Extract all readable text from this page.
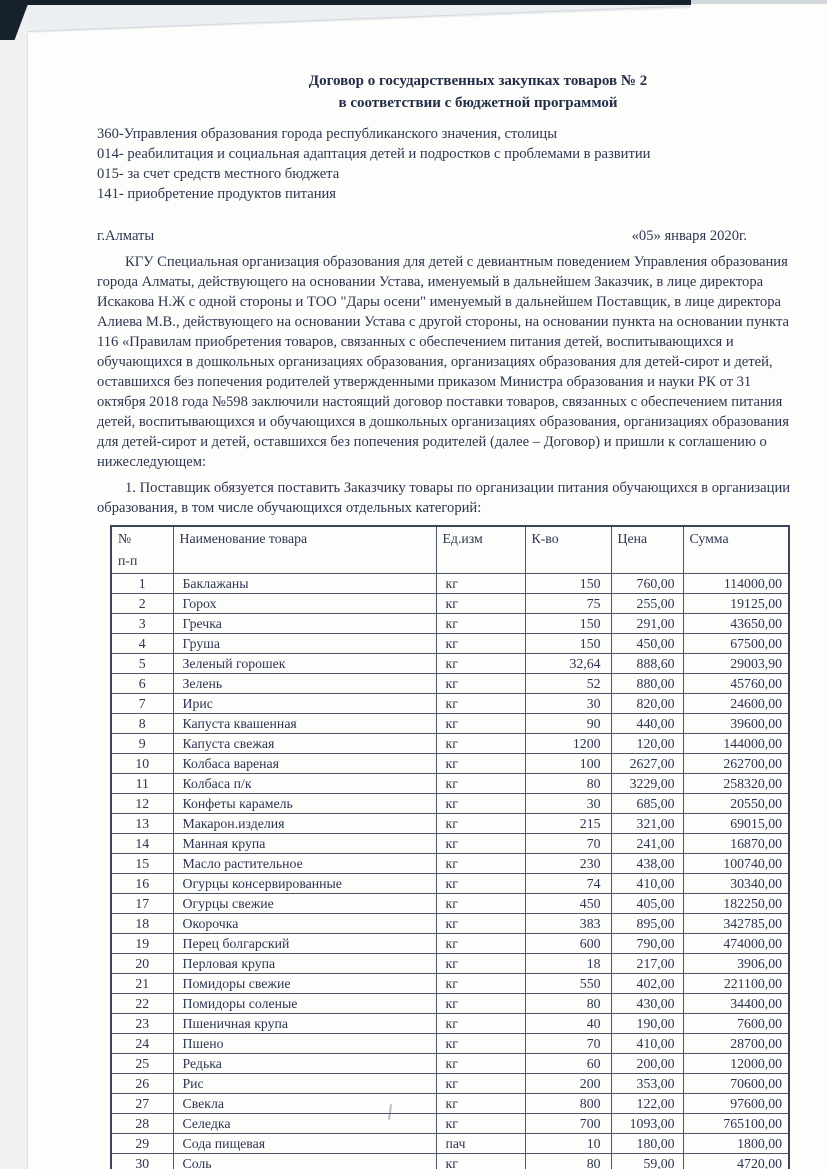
Договор о государственных закупках товаров № 2
в соответствии с бюджетной программой
360-Управления образования города республиканского значения, столицы
014- реабилитация и социальная адаптация детей и подростков с проблемами в развитии
015- за счет средств местного бюджета
141- приобретение продуктов питания
г.Алматы	«05» января 2020г.

КГУ Специальная организация образования для детей с девиантным поведением Управления образования города Алматы, действующего на основании Устава, именуемый в дальнейшем Заказчик, в лице директора Искакова Н.Ж с одной стороны и ТОО "Дары осени" именуемый в дальнейшем Поставщик, в лице директора Алиева М.В., действующего на основании Устава с другой стороны, на основании пункта на основании пункта 116 «Правилам приобретения товаров, связанных с обеспечением питания детей, воспитывающихся и обучающихся в дошкольных организациях образования, организациях образования для детей-сирот и детей, оставшихся без попечения родителей утвержденными приказом Министра образования и науки РК от 31 октября 2018 года №598 заключили настоящий договор поставки товаров, связанных с обеспечением питания детей, воспитывающихся и обучающихся в дошкольных организациях образования, организациях образования для детей-сирот и детей, оставшихся без попечения родителей (далее – Договор) и пришли к соглашению о нижеследующем:

1. Поставщик обязуется поставить Заказчику товары по организации питания обучающихся в организации образования, в том числе обучающихся отдельных категорий:

№
п-п	Наименование товара	Ед.изм	К-во	Цена	Сумма
1	Баклажаны	кг	150	760,00	114000,00
2	Горох	кг	75	255,00	19125,00
3	Гречка	кг	150	291,00	43650,00
4	Груша	кг	150	450,00	67500,00
5	Зеленый горошек	кг	32,64	888,60	29003,90
6	Зелень	кг	52	880,00	45760,00
7	Ирис	кг	30	820,00	24600,00
8	Капуста квашенная	кг	90	440,00	39600,00
9	Капуста свежая	кг	1200	120,00	144000,00
10	Колбаса вареная	кг	100	2627,00	262700,00
11	Колбаса п/к	кг	80	3229,00	258320,00
12	Конфеты карамель	кг	30	685,00	20550,00
13	Макарон.изделия	кг	215	321,00	69015,00
14	Манная крупа	кг	70	241,00	16870,00
15	Масло растительное	кг	230	438,00	100740,00
16	Огурцы консервированные	кг	74	410,00	30340,00
17	Огурцы свежие	кг	450	405,00	182250,00
18	Окорочка	кг	383	895,00	342785,00
19	Перец болгарский	кг	600	790,00	474000,00
20	Перловая крупа	кг	18	217,00	3906,00
21	Помидоры свежие	кг	550	402,00	221100,00
22	Помидоры соленые	кг	80	430,00	34400,00
23	Пшеничная крупа	кг	40	190,00	7600,00
24	Пшено	кг	70	410,00	28700,00
25	Редька	кг	60	200,00	12000,00
26	Рис	кг	200	353,00	70600,00
27	Свекла	кг	800	122,00	97600,00
28	Селедка	кг	700	1093,00	765100,00
29	Сода пищевая	пач	10	180,00	1800,00
30	Соль	кг	80	59,00	4720,00
